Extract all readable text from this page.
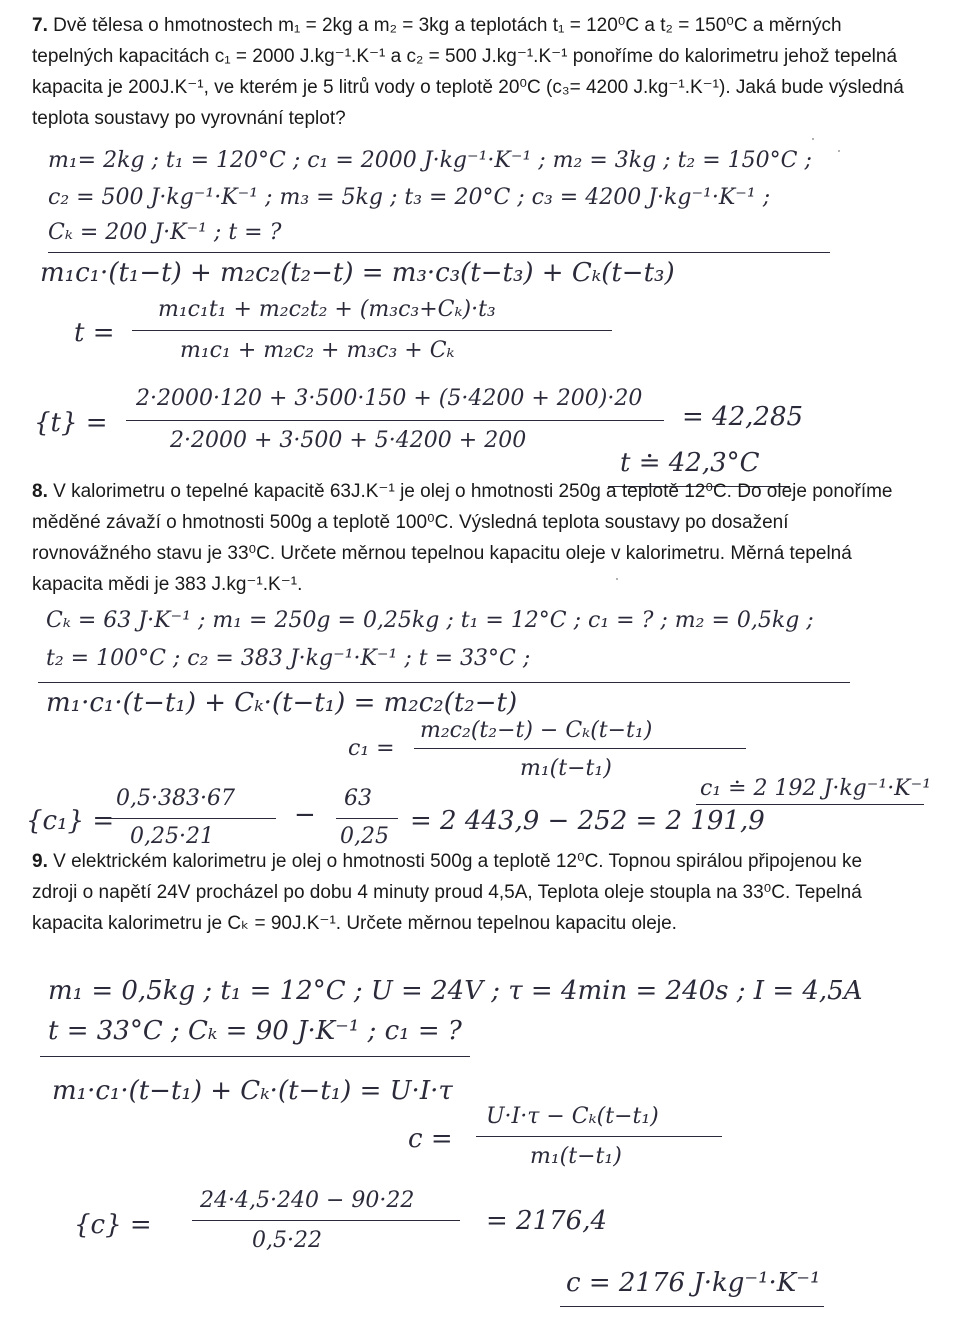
7. Dvě tělesa o hmotnostech m₁ = 2kg a m₂ = 3kg a teplotách t₁ = 120⁰C a t₂ = 150⁰C a měrných tepelných kapacitách c₁ = 2000 J.kg⁻¹.K⁻¹ a c₂ = 500 J.kg⁻¹.K⁻¹ ponoříme do kalorimetru jehož tepelná kapacita je 200J.K⁻¹, ve kterém je 5 litrů vody o teplotě 20⁰C (c₃= 4200 J.kg⁻¹.K⁻¹). Jaká bude výsledná teplota soustavy po vyrovnání teplot?
m₁= 2kg ; t₁ = 120°C ; c₁ = 2000 J·kg⁻¹·K⁻¹ ; m₂ = 3kg ; t₂ = 150°C ;
c₂ = 500 J·kg⁻¹·K⁻¹ ; m₃ = 5kg ; t₃ = 20°C ; c₃ = 4200 J·kg⁻¹·K⁻¹ ;
Cₖ = 200 J·K⁻¹ ; t = ?
m₁c₁·(t₁−t) + m₂c₂(t₂−t) = m₃·c₃(t−t₃) + Cₖ(t−t₃)
t =
m₁c₁t₁ + m₂c₂t₂ + (m₃c₃+Cₖ)·t₃
m₁c₁ + m₂c₂ + m₃c₃ + Cₖ
{t} =
2·2000·120 + 3·500·150 + (5·4200 + 200)·20
2·2000 + 3·500 + 5·4200 + 200
= 42,285
t ≐ 42,3°C
8. V kalorimetru o tepelné kapacitě 63J.K⁻¹ je olej o hmotnosti 250g a teplotě 12⁰C. Do oleje ponoříme měděné závaží o hmotnosti 500g a teplotě 100⁰C. Výsledná teplota soustavy po dosažení rovnovážného stavu je 33⁰C. Určete měrnou tepelnou kapacitu oleje v kalorimetru. Měrná tepelná kapacita mědi je 383 J.kg⁻¹.K⁻¹.
Cₖ = 63 J·K⁻¹ ; m₁ = 250g = 0,25kg ; t₁ = 12°C ; c₁ = ? ; m₂ = 0,5kg ;
t₂ = 100°C ; c₂ = 383 J·kg⁻¹·K⁻¹ ; t = 33°C ;
m₁·c₁·(t−t₁) + Cₖ·(t−t₁) = m₂c₂(t₂−t)
c₁ =
m₂c₂(t₂−t) − Cₖ(t−t₁)
m₁(t−t₁)
{c₁} =
0,5·383·67
0,25·21
−
63
0,25
= 2 443,9 − 252 = 2 191,9
c₁ ≐ 2 192 J·kg⁻¹·K⁻¹
9. V elektrickém kalorimetru je olej o hmotnosti 500g a teplotě 12⁰C. Topnou spirálou připojenou ke zdroji o napětí 24V procházel po dobu 4 minuty proud 4,5A, Teplota oleje stoupla na 33⁰C. Tepelná kapacita kalorimetru je Cₖ = 90J.K⁻¹. Určete měrnou tepelnou kapacitu oleje.
m₁ = 0,5kg ; t₁ = 12°C ; U = 24V ; τ = 4min = 240s ; I = 4,5A
t = 33°C ; Cₖ = 90 J·K⁻¹ ; c₁ = ?
m₁·c₁·(t−t₁) + Cₖ·(t−t₁) = U·I·τ
c =
U·I·τ − Cₖ(t−t₁)
m₁(t−t₁)
{c} =
24·4,5·240 − 90·22
0,5·22
= 2176,4
c = 2176 J·kg⁻¹·K⁻¹
